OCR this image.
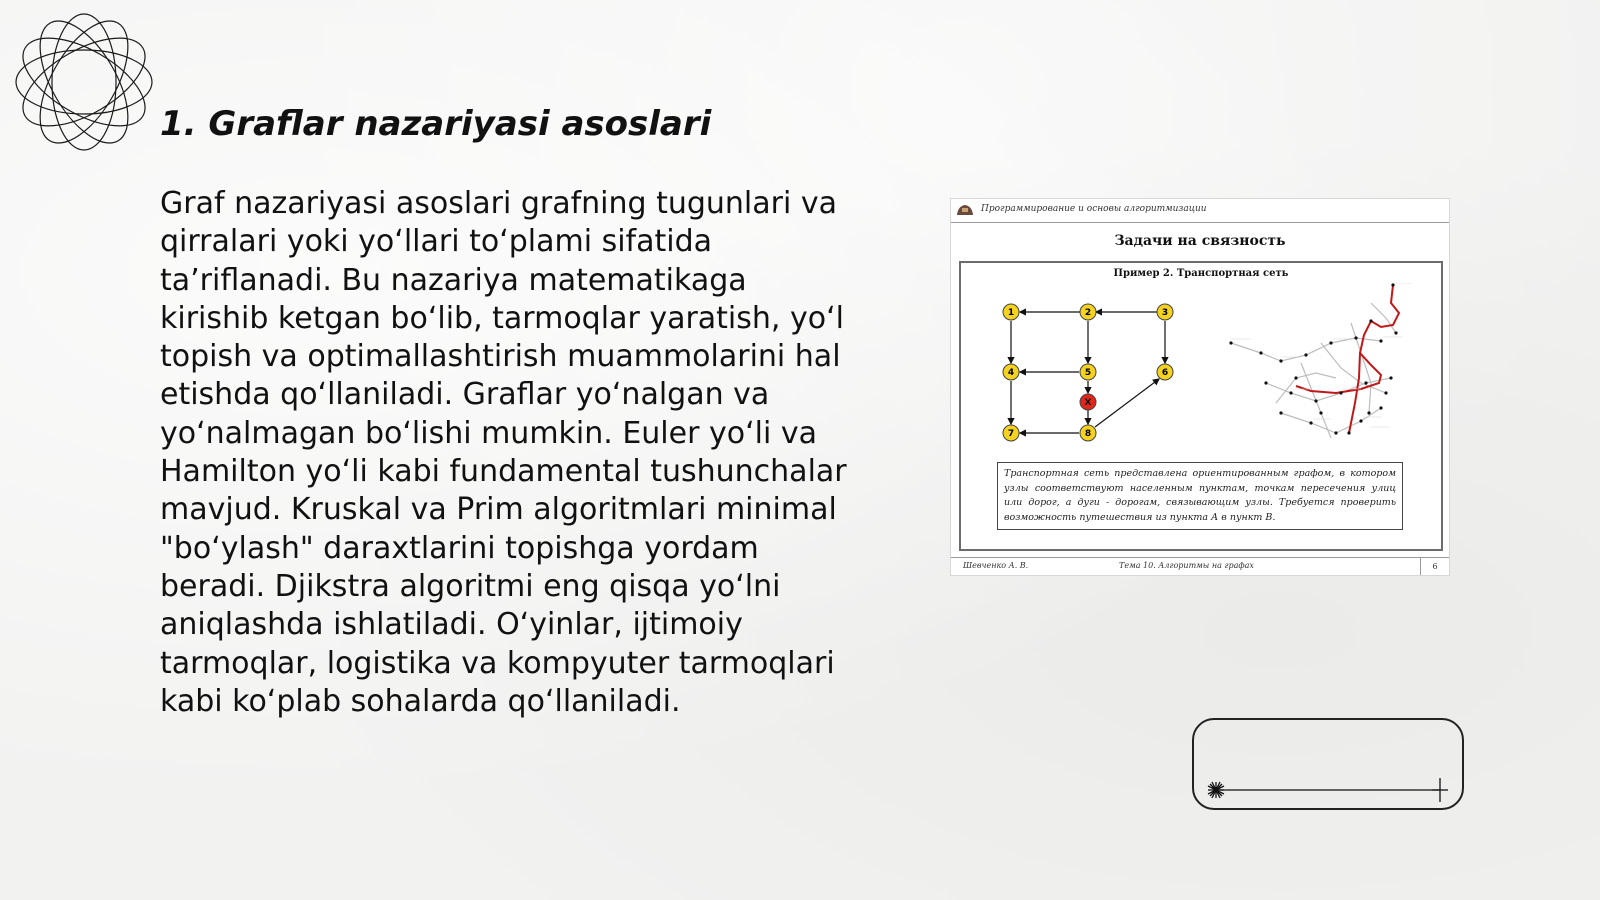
1. Graflar nazariyasi asoslari

Graf nazariyasi asoslari grafning tugunlari va qirralari yoki yo‘llari to‘plami sifatida ta’riflanadi. Bu nazariya matematikaga kirishib ketgan bo‘lib, tarmoqlar yaratish, yo‘l topish va optimallashtirish muammolarini hal etishda qo‘llaniladi. Graflar yo‘nalgan va yo‘nalmagan bo‘lishi mumkin. Euler yo‘li va Hamilton yo‘li kabi fundamental tushunchalar mavjud. Kruskal va Prim algoritmlari minimal "bo‘ylash" daraxtlarini topishga yordam beradi. Djikstra algoritmi eng qisqa yo‘lni aniqlashda ishlatiladi. O‘yinlar, ijtimoiy tarmoqlar, logistika va kompyuter tarmoqlari kabi ko‘plab sohalarda qo‘llaniladi.

Программирование и основы алгоритмизации
Задачи на связность
Пример 2. Транспортная сеть
1	2	3
4	5	6
7	8
X
Транспортная сеть представлена ориентированным графом, в котором узлы соответствуют населенным пунктам, точкам пересечения улиц или дорог, а дуги - дорогам, связывающим узлы. Требуется проверить возможность путешествия из пункта А в пункт В.
Шевченко А. В.	Тема 10. Алгоритмы на графах	6
